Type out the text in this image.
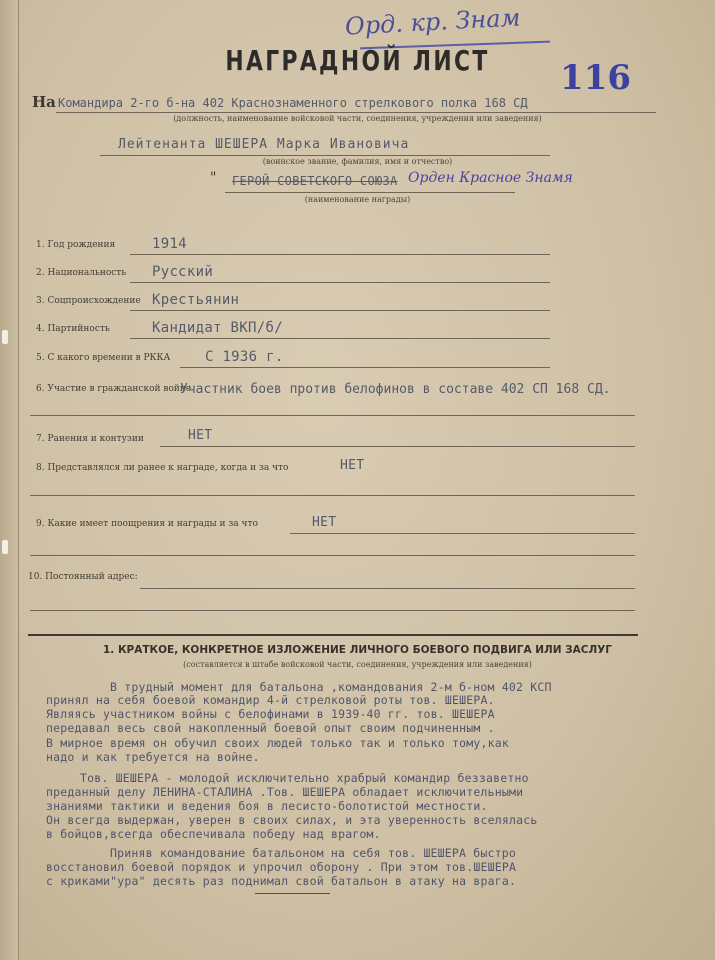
Орд. кр. Знам
НАГРАДНОЙ ЛИСТ	116
На Командира 2-го б-на 402 Краснознаменного стрелкового полка 168 СД
(должность, наименование войсковой части, соединения, учреждения или заведения)
Лейтенанта ШЕШЕРА Марка Ивановича
(воинское звание, фамилия, имя и отчество)
" ГЕРОЙ СОВЕТСКОГО СОЮЗА Орден Красное Знамя
(наименование награды)
1. Год рождения	1914
2. Национальность Русский
3. Соцпроисхождение Крестьянин
4. Партийность	Кандидат ВКП/б/
5. С какого времени в РККА С 1936 г.
6. Участие в гражданской войне
Участник боев против белофинов в составе 402 СП 168 СД.
7. Ранения и контузии	НЕТ
8. Представлялся ли ранее к награде, когда и за что	НЕТ
9. Какие имеет поощрения и награды и за что	НЕТ
10. Постоянный адрес:
1. КРАТКОЕ, КОНКРЕТНОЕ ИЗЛОЖЕНИЕ ЛИЧНОГО БОЕВОГО ПОДВИГА ИЛИ ЗАСЛУГ
(составляется в штабе войсковой части, соединения, учреждения или заведения)
В трудный момент для батальона ,командования 2-м б-ном 402 КСП
принял на себя боевой командир 4-й стрелковой роты тов. ШЕШЕРА.
Являясь участником войны с белофинами в 1939-40 гг. тов. ШЕШЕРА
передавал весь свой накопленный боевой опыт своим подчиненным .
В мирное время он обучил своих людей только так и только тому,как
надо и как требуется на войне.
Тов. ШЕШЕРА - молодой исключительно храбрый командир беззаветно
преданный делу ЛЕНИНА-СТАЛИНА .Тов. ШЕШЕРА обладает исключительными
знаниями тактики и ведения боя в лесисто-болотистой местности.
Он всегда выдержан, уверен в своих силах, и эта уверенность вселялась
в бойцов,всегда обеспечивала победу над врагом.
Приняв командование батальоном на себя тов. ШЕШЕРА быстро
восстановил боевой порядок и упрочил оборону . При этом тов.ШЕШЕРА
с криками"ура" десять раз поднимал свой батальон в атаку на врага.
